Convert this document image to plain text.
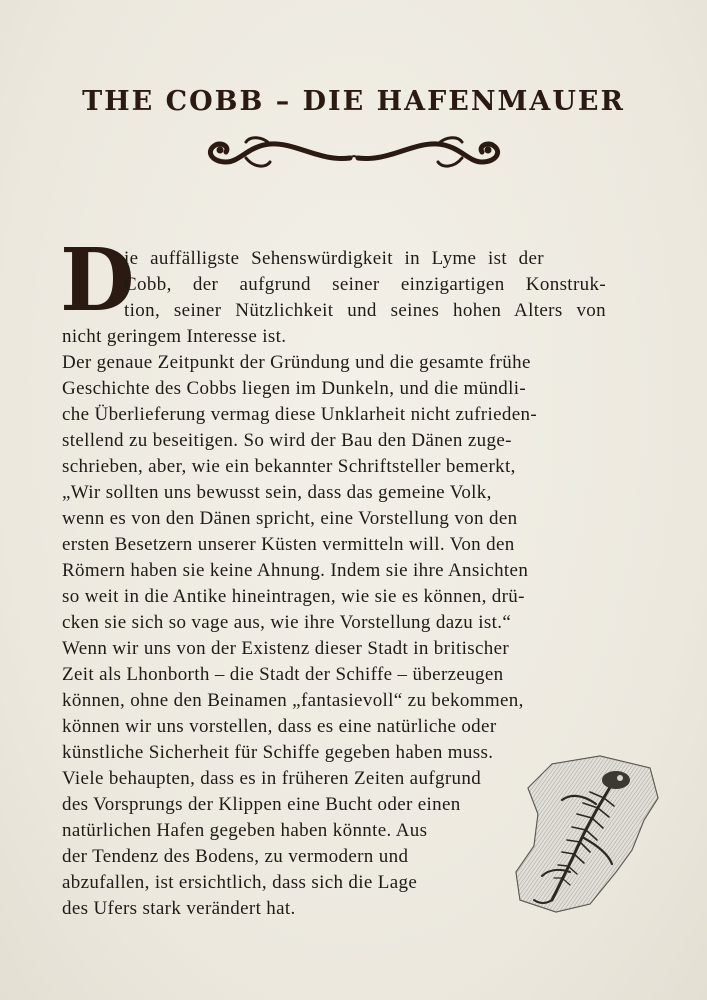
THE COBB – DIE HAFENMAUER
D
ie auffälligste Sehenswürdigkeit in Lyme ist der
Cobb, der aufgrund seiner einzigartigen Konstruk-
tion, seiner Nützlichkeit und seines hohen Alters von
nicht geringem Interesse ist.
Der genaue Zeitpunkt der Gründung und die gesamte frühe
Geschichte des Cobbs liegen im Dunkeln, und die mündli-
che Überlieferung vermag diese Unklarheit nicht zufrieden-
stellend zu beseitigen. So wird der Bau den Dänen zuge-
schrieben, aber, wie ein bekannter Schriftsteller bemerkt,
„Wir sollten uns bewusst sein, dass das gemeine Volk,
wenn es von den Dänen spricht, eine Vorstellung von den
ersten Besetzern unserer Küsten vermitteln will. Von den
Römern haben sie keine Ahnung. Indem sie ihre Ansichten
so weit in die Antike hineintragen, wie sie es können, drü-
cken sie sich so vage aus, wie ihre Vorstellung dazu ist.“
Wenn wir uns von der Existenz dieser Stadt in britischer
Zeit als Lhonborth – die Stadt der Schiffe – überzeugen
können, ohne den Beinamen „fantasievoll“ zu bekommen,
können wir uns vorstellen, dass es eine natürliche oder
künstliche Sicherheit für Schiffe gegeben haben muss.
Viele behaupten, dass es in früheren Zeiten aufgrund
des Vorsprungs der Klippen eine Bucht oder einen
natürlichen Hafen gegeben haben könnte. Aus
der Tendenz des Bodens, zu vermodern und
abzufallen, ist ersichtlich, dass sich die Lage
des Ufers stark verändert hat.
